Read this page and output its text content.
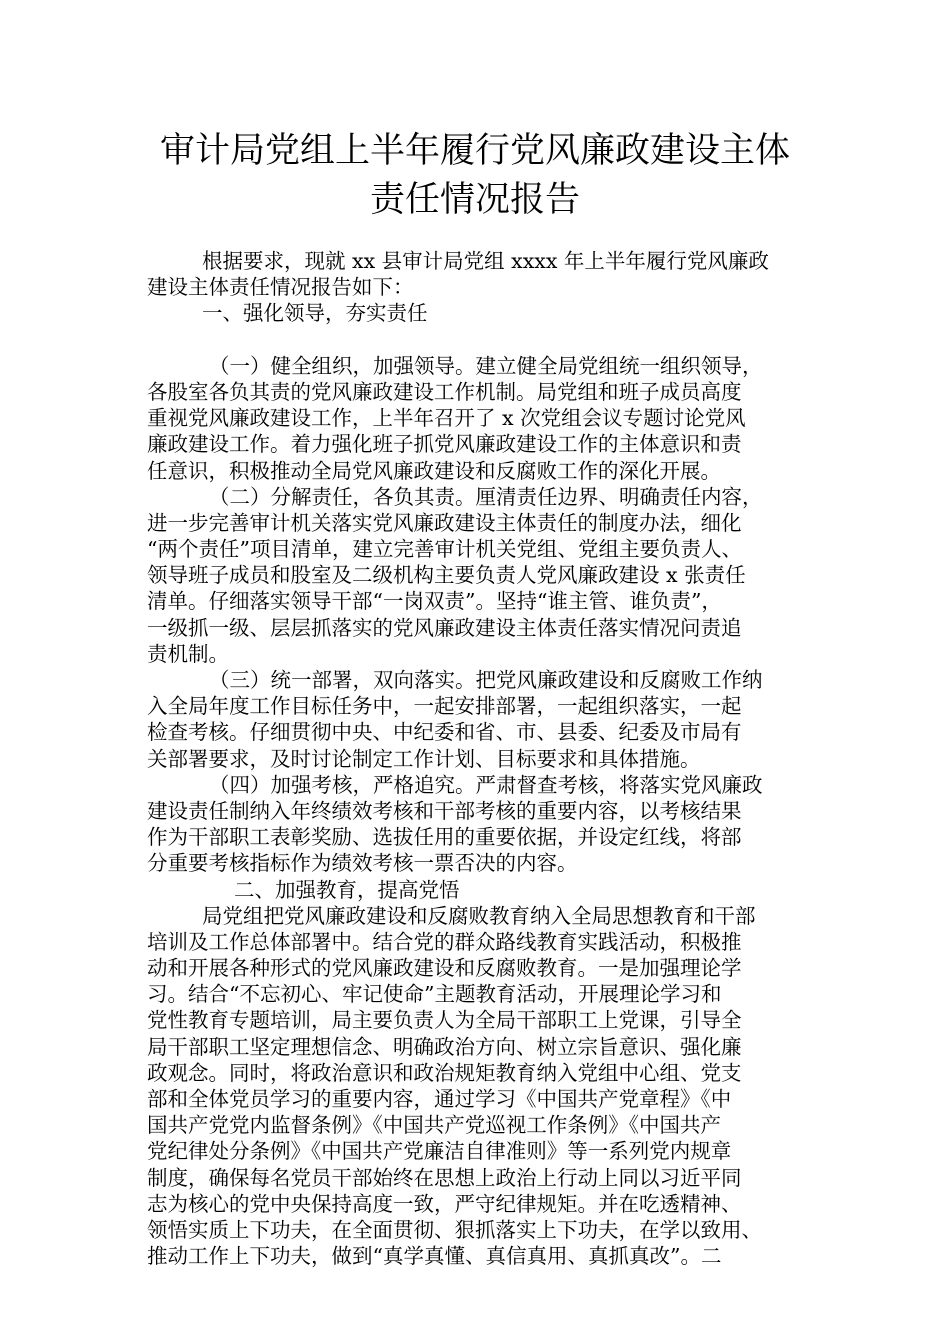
审计局党组上半年履行党风廉政建设主体
责任情况报告
根据要求，现就 xx 县审计局党组 xxxx 年上半年履行党风廉政
建设主体责任情况报告如下：
一、强化领导，夯实责任
（一）健全组织，加强领导。建立健全局党组统一组织领导，
各股室各负其责的党风廉政建设工作机制。局党组和班子成员高度
重视党风廉政建设工作，上半年召开了 x 次党组会议专题讨论党风
廉政建设工作。着力强化班子抓党风廉政建设工作的主体意识和责
任意识，积极推动全局党风廉政建设和反腐败工作的深化开展。
（二）分解责任，各负其责。厘清责任边界、明确责任内容，
进一步完善审计机关落实党风廉政建设主体责任的制度办法，细化
“两个责任”项目清单，建立完善审计机关党组、党组主要负责人、
领导班子成员和股室及二级机构主要负责人党风廉政建设 x 张责任
清单。仔细落实领导干部“一岗双责”。坚持“谁主管、谁负责”，
一级抓一级、层层抓落实的党风廉政建设主体责任落实情况问责追
责机制。
（三）统一部署，双向落实。把党风廉政建设和反腐败工作纳
入全局年度工作目标任务中，一起安排部署，一起组织落实，一起
检查考核。仔细贯彻中央、中纪委和省、市、县委、纪委及市局有
关部署要求，及时讨论制定工作计划、目标要求和具体措施。
（四）加强考核，严格追究。严肃督查考核，将落实党风廉政
建设责任制纳入年终绩效考核和干部考核的重要内容，以考核结果
作为干部职工表彰奖励、选拔任用的重要依据，并设定红线，将部
分重要考核指标作为绩效考核一票否决的内容。
二、加强教育，提高党悟
局党组把党风廉政建设和反腐败教育纳入全局思想教育和干部
培训及工作总体部署中。结合党的群众路线教育实践活动，积极推
动和开展各种形式的党风廉政建设和反腐败教育。一是加强理论学
习。结合“不忘初心、牢记使命”主题教育活动，开展理论学习和
党性教育专题培训，局主要负责人为全局干部职工上党课，引导全
局干部职工坚定理想信念、明确政治方向、树立宗旨意识、强化廉
政观念。同时，将政治意识和政治规矩教育纳入党组中心组、党支
部和全体党员学习的重要内容，通过学习《中国共产党章程》《中
国共产党党内监督条例》《中国共产党巡视工作条例》《中国共产
党纪律处分条例》《中国共产党廉洁自律准则》等一系列党内规章
制度，确保每名党员干部始终在思想上政治上行动上同以习近平同
志为核心的党中央保持高度一致，严守纪律规矩。并在吃透精神、
领悟实质上下功夫，在全面贯彻、狠抓落实上下功夫，在学以致用、
推动工作上下功夫，做到“真学真懂、真信真用、真抓真改”。二
